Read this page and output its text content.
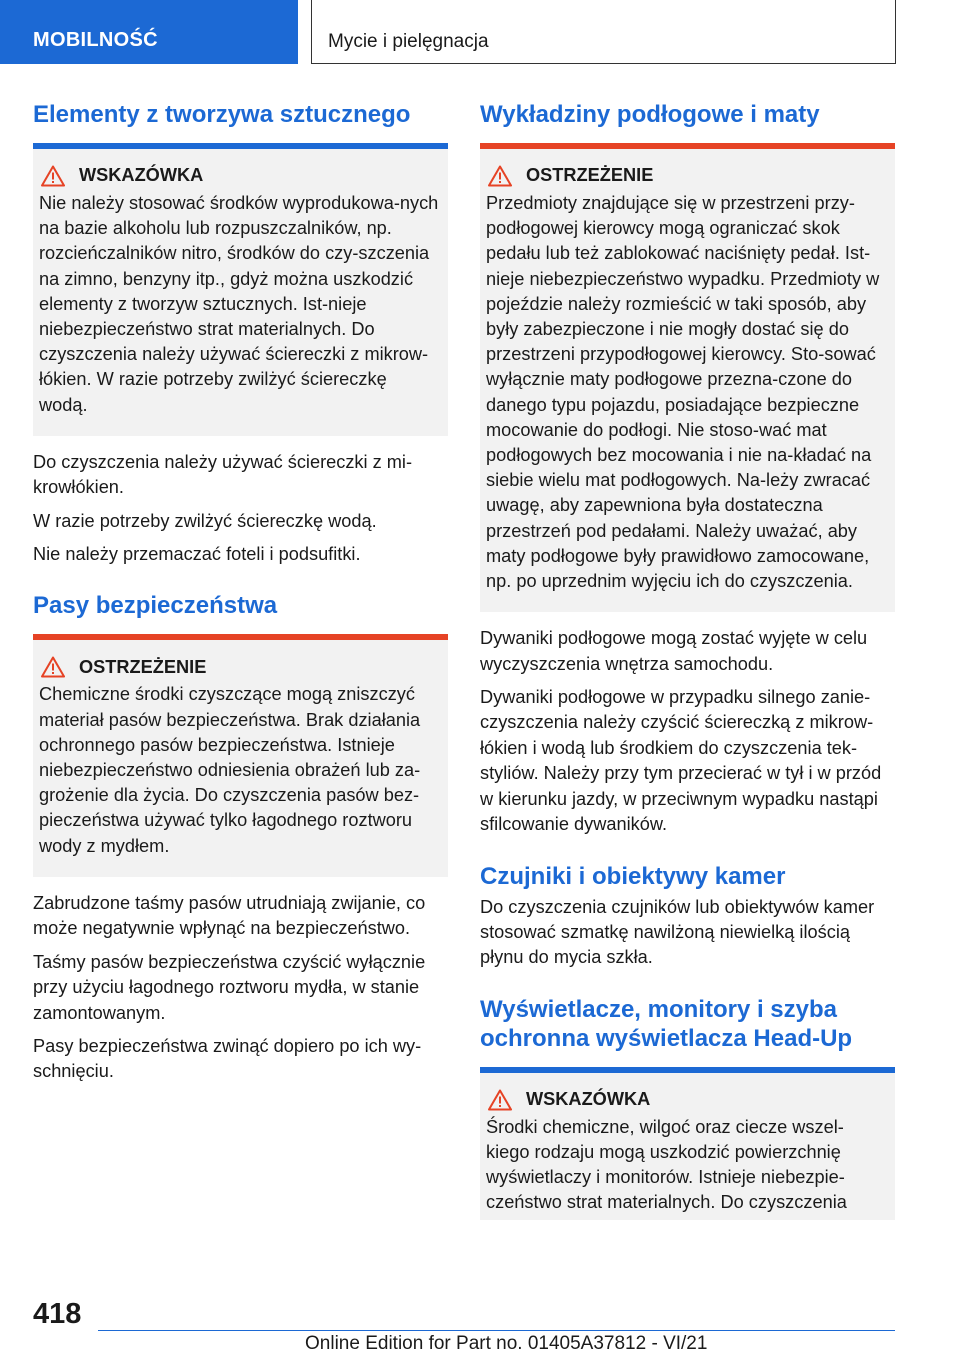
MOBILNOŚĆ	Mycie i pielęgnacja
Elementy z tworzywa sztucznego
WSKAZÓWKA

Nie należy stosować środków wyprodukowa-nych na bazie alkoholu lub rozpuszczalników, np. rozcieńczalników nitro, środków do czy-szczenia na zimno, benzyny itp., gdyż można uszkodzić elementy z tworzyw sztucznych. Ist-nieje niebezpieczeństwo strat materialnych. Do czyszczenia należy używać ściereczki z mikrow-łókien. W razie potrzeby zwilżyć ściereczkę wodą.

Do czyszczenia należy używać ściereczki z mi-krowłókien.

W razie potrzeby zwilżyć ściereczkę wodą.

Nie należy przemaczać foteli i podsufitki.

Pasy bezpieczeństwa
OSTRZEŻENIE

Chemiczne środki czyszczące mogą zniszczyć materiał pasów bezpieczeństwa. Brak działania ochronnego pasów bezpieczeństwa. Istnieje niebezpieczeństwo odniesienia obrażeń lub za-grożenie dla życia. Do czyszczenia pasów bez-pieczeństwa używać tylko łagodnego roztworu wody z mydłem.

Zabrudzone taśmy pasów utrudniają zwijanie, co może negatywnie wpłynąć na bezpieczeństwo.

Taśmy pasów bezpieczeństwa czyścić wyłącznie przy użyciu łagodnego roztworu mydła, w stanie zamontowanym.

Pasy bezpieczeństwa zwinąć dopiero po ich wy-schnięciu.

Wykładziny podłogowe i maty
OSTRZEŻENIE

Przedmioty znajdujące się w przestrzeni przy-podłogowej kierowcy mogą ograniczać skok pedału lub też zablokować naciśnięty pedał. Ist-nieje niebezpieczeństwo wypadku. Przedmioty w pojeździe należy rozmieścić w taki sposób, aby były zabezpieczone i nie mogły dostać się do przestrzeni przypodłogowej kierowcy. Sto-sować wyłącznie maty podłogowe przezna-czone do danego typu pojazdu, posiadające bezpieczne mocowanie do podłogi. Nie stoso-wać mat podłogowych bez mocowania i nie na-kładać na siebie wielu mat podłogowych. Na-leży zwracać uwagę, aby zapewniona była dostateczna przestrzeń pod pedałami. Należy uważać, aby maty podłogowe były prawidłowo zamocowane, np. po uprzednim wyjęciu ich do czyszczenia.

Dywaniki podłogowe mogą zostać wyjęte w celu wyczyszczenia wnętrza samochodu.

Dywaniki podłogowe w przypadku silnego zanie-czyszczenia należy czyścić ściereczką z mikrow-łókien i wodą lub środkiem do czyszczenia tek-styliów. Należy przy tym przecierać w tył i w przód w kierunku jazdy, w przeciwnym wypadku nastąpi sfilcowanie dywaników.

Czujniki i obiektywy kamer

Do czyszczenia czujników lub obiektywów kamer stosować szmatkę nawilżoną niewielką ilością płynu do mycia szkła.

Wyświetlacze, monitory i szyba ochronna wyświetlacza Head-Up
WSKAZÓWKA

Środki chemiczne, wilgoć oraz ciecze wszel-kiego rodzaju mogą uszkodzić powierzchnię wyświetlaczy i monitorów. Istnieje niebezpie-czeństwo strat materialnych. Do czyszczenia

418
Online Edition for Part no. 01405A37812 - VI/21
